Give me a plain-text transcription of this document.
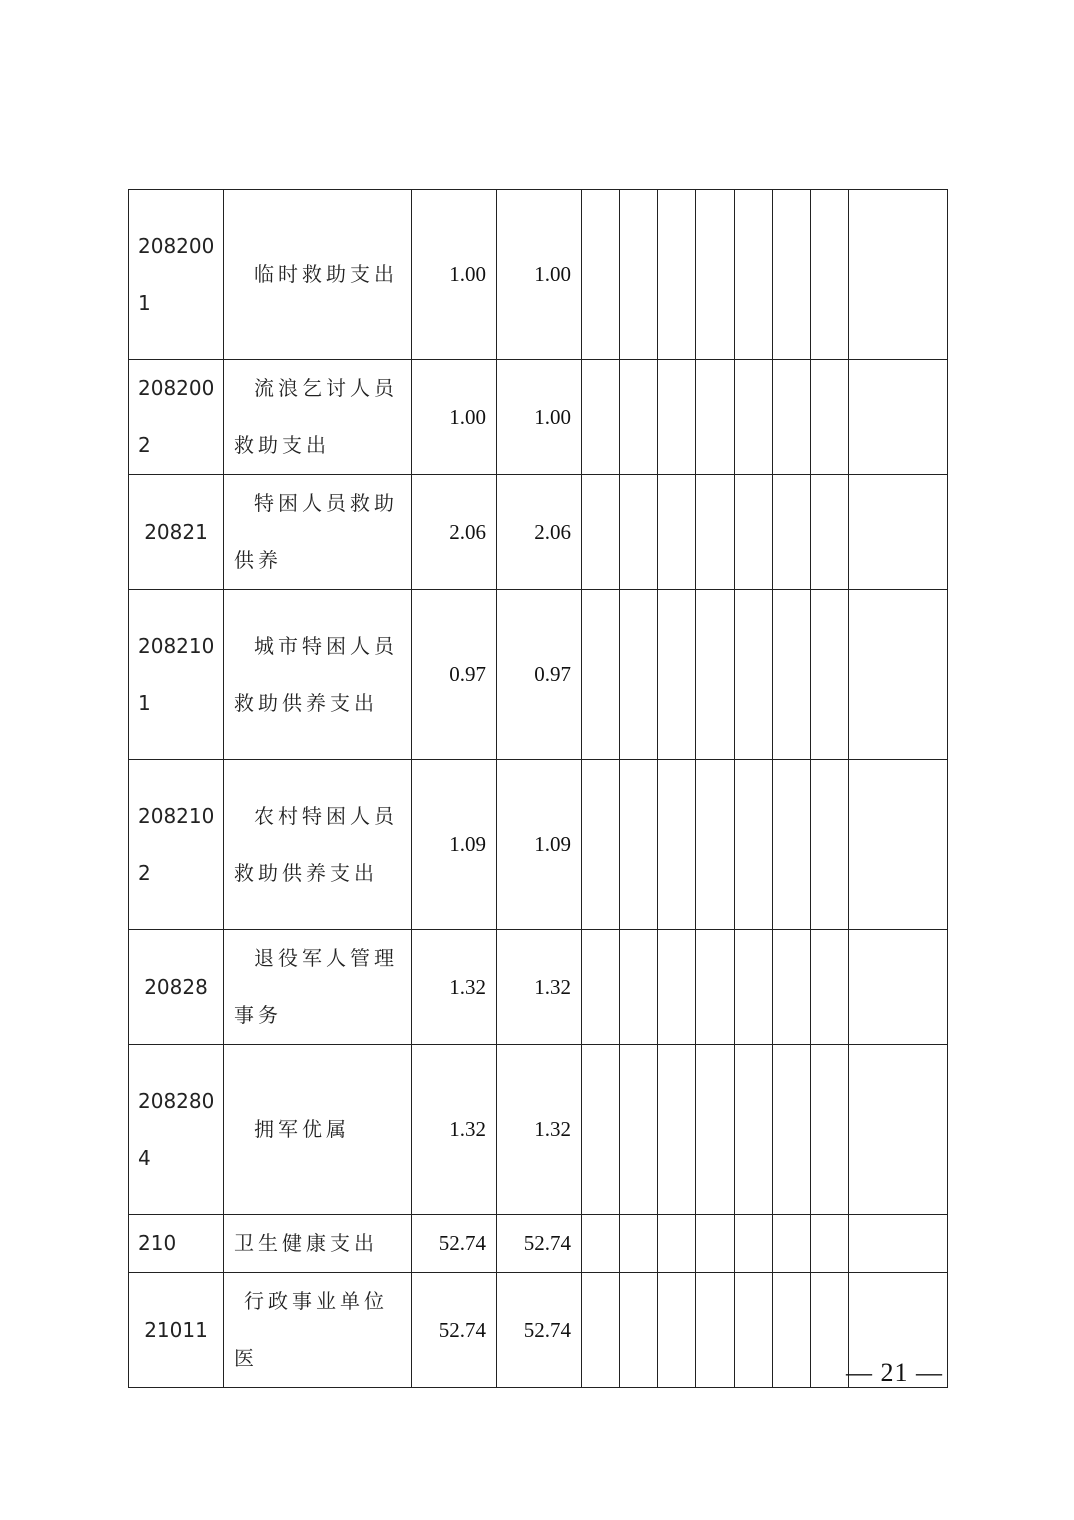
2082001	临时救助支出	1.00	1.00								
2082002	流浪乞讨人员救助支出	1.00	1.00								
20821	特困人员救助供养	2.06	2.06								
2082101	城市特困人员救助供养支出	0.97	0.97								
2082102	农村特困人员救助供养支出	1.09	1.09								
20828	退役军人管理事务	1.32	1.32								
2082804	拥军优属	1.32	1.32								
210	卫生健康支出	52.74	52.74								
21011	行政事业单位医	52.74	52.74								
— 21 —
